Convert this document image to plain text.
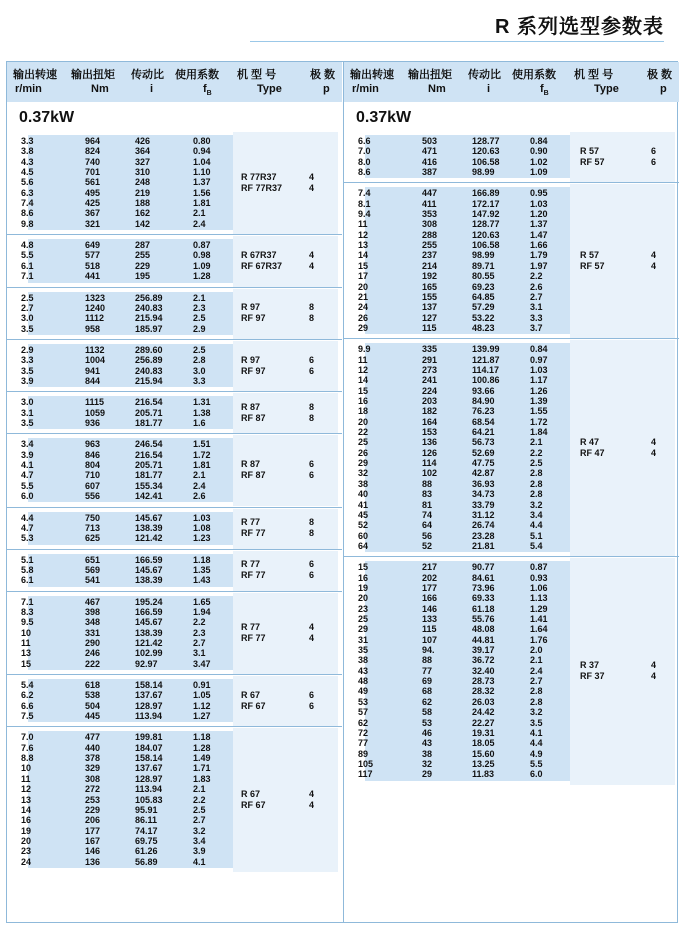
R 系列选型参数表
输出转速 输出扭矩 传动比 使用系数 机 型 号	极 数
r/min	Nm	i	$f_B$	Type	p
0.37kW
3.3	964	426	0.80
3.8	824	364	0.94
4.3	740	327	1.04
4.5	701	310	1.10
5.6	561	248	1.37
6.3	495	219	1.56
7.4	425	188	1.81
8.6	367	162	2.1
9.8	321	142	2.4
R 77R37	4
RF 77R37	4
4.8	649	287	0.87
5.5	577	255	0.98
6.1	518	229	1.09
7.1	441	195	1.28
R 67R37	4
RF 67R37	4
2.5	1323	256.89	2.1
2.7	1240	240.83	2.3
3.0	1112	215.94	2.5
3.5	958	185.97	2.9
R 97	8
RF 97	8
2.9	1132	289.60	2.5
3.3	1004	256.89	2.8
3.5	941	240.83	3.0
3.9	844	215.94	3.3
R 97	6
RF 97	6
3.0	1115	216.54	1.31
3.1	1059	205.71	1.38
3.5	936	181.77	1.6
R 87	8
RF 87	8
3.4	963	246.54	1.51
3.9	846	216.54	1.72
4.1	804	205.71	1.81
4.7	710	181.77	2.1
5.5	607	155.34	2.4
6.0	556	142.41	2.6
R 87	6
RF 87	6
4.4	750	145.67	1.03
4.7	713	138.39	1.08
5.3	625	121.42	1.23
R 77	8
RF 77	8
5.1	651	166.59	1.18
5.8	569	145.67	1.35
6.1	541	138.39	1.43
R 77	6
RF 77	6
7.1	467	195.24	1.65
8.3	398	166.59	1.94
9.5	348	145.67	2.2
10	331	138.39	2.3
11	290	121.42	2.7
13	246	102.99	3.1
15	222	92.97	3.47
R 77	4
RF 77	4
5.4	618	158.14	0.91
6.2	538	137.67	1.05
6.6	504	128.97	1.12
7.5	445	113.94	1.27
R 67	6
RF 67	6
7.0	477	199.81	1.18
7.6	440	184.07	1.28
8.8	378	158.14	1.49
10	329	137.67	1.71
11	308	128.97	1.83
12	272	113.94	2.1
13	253	105.83	2.2
14	229	95.91	2.5
16	206	86.11	2.7
19	177	74.17	3.2
20	167	69.75	3.4
23	146	61.26	3.9
24	136	56.89	4.1
R 67	4
RF 67	4
输出转速 输出扭矩 传动比 使用系数 机 型 号	极 数
r/min	Nm	i	$f_B$	Type	p
0.37kW
6.6	503	128.77	0.84
7.0	471	120.63	0.90
8.0	416	106.58	1.02
8.6	387	98.99	1.09
R 57	6
RF 57	6
7.4	447	166.89	0.95
8.1	411	172.17	1.03
9.4	353	147.92	1.20
11	308	128.77	1.37
12	288	120.63	1.47
13	255	106.58	1.66
14	237	98.99	1.79
15	214	89.71	1.97
17	192	80.55	2.2
20	165	69.23	2.6
21	155	64.85	2.7
24	137	57.29	3.1
26	127	53.22	3.3
29	115	48.23	3.7
R 57	4
RF 57	4
9.9	335	139.99	0.84
11	291	121.87	0.97
12	273	114.17	1.03
14	241	100.86	1.17
15	224	93.66	1.26
16	203	84.90	1.39
18	182	76.23	1.55
20	164	68.54	1.72
22	153	64.21	1.84
25	136	56.73	2.1
26	126	52.69	2.2
29	114	47.75	2.5
32	102	42.87	2.8
38	88	36.93	2.8
40	83	34.73	2.8
41	81	33.79	3.2
45	74	31.12	3.4
52	64	26.74	4.4
60	56	23.28	5.1
64	52	21.81	5.4
R 47	4
RF 47	4
15	217	90.77	0.87
16	202	84.61	0.93
19	177	73.96	1.06
20	166	69.33	1.13
23	146	61.18	1.29
25	133	55.76	1.41
29	115	48.08	1.64
31	107	44.81	1.76
35	94.	39.17	2.0
38	88	36.72	2.1
43	77	32.40	2.4
48	69	28.73	2.7
49	68	28.32	2.8
53	62	26.03	2.8
57	58	24.42	3.2
62	53	22.27	3.5
72	46	19.31	4.1
77	43	18.05	4.4
89	38	15.60	4.9
105	32	13.25	5.5
117	29	11.83	6.0
R 37	4
RF 37	4
